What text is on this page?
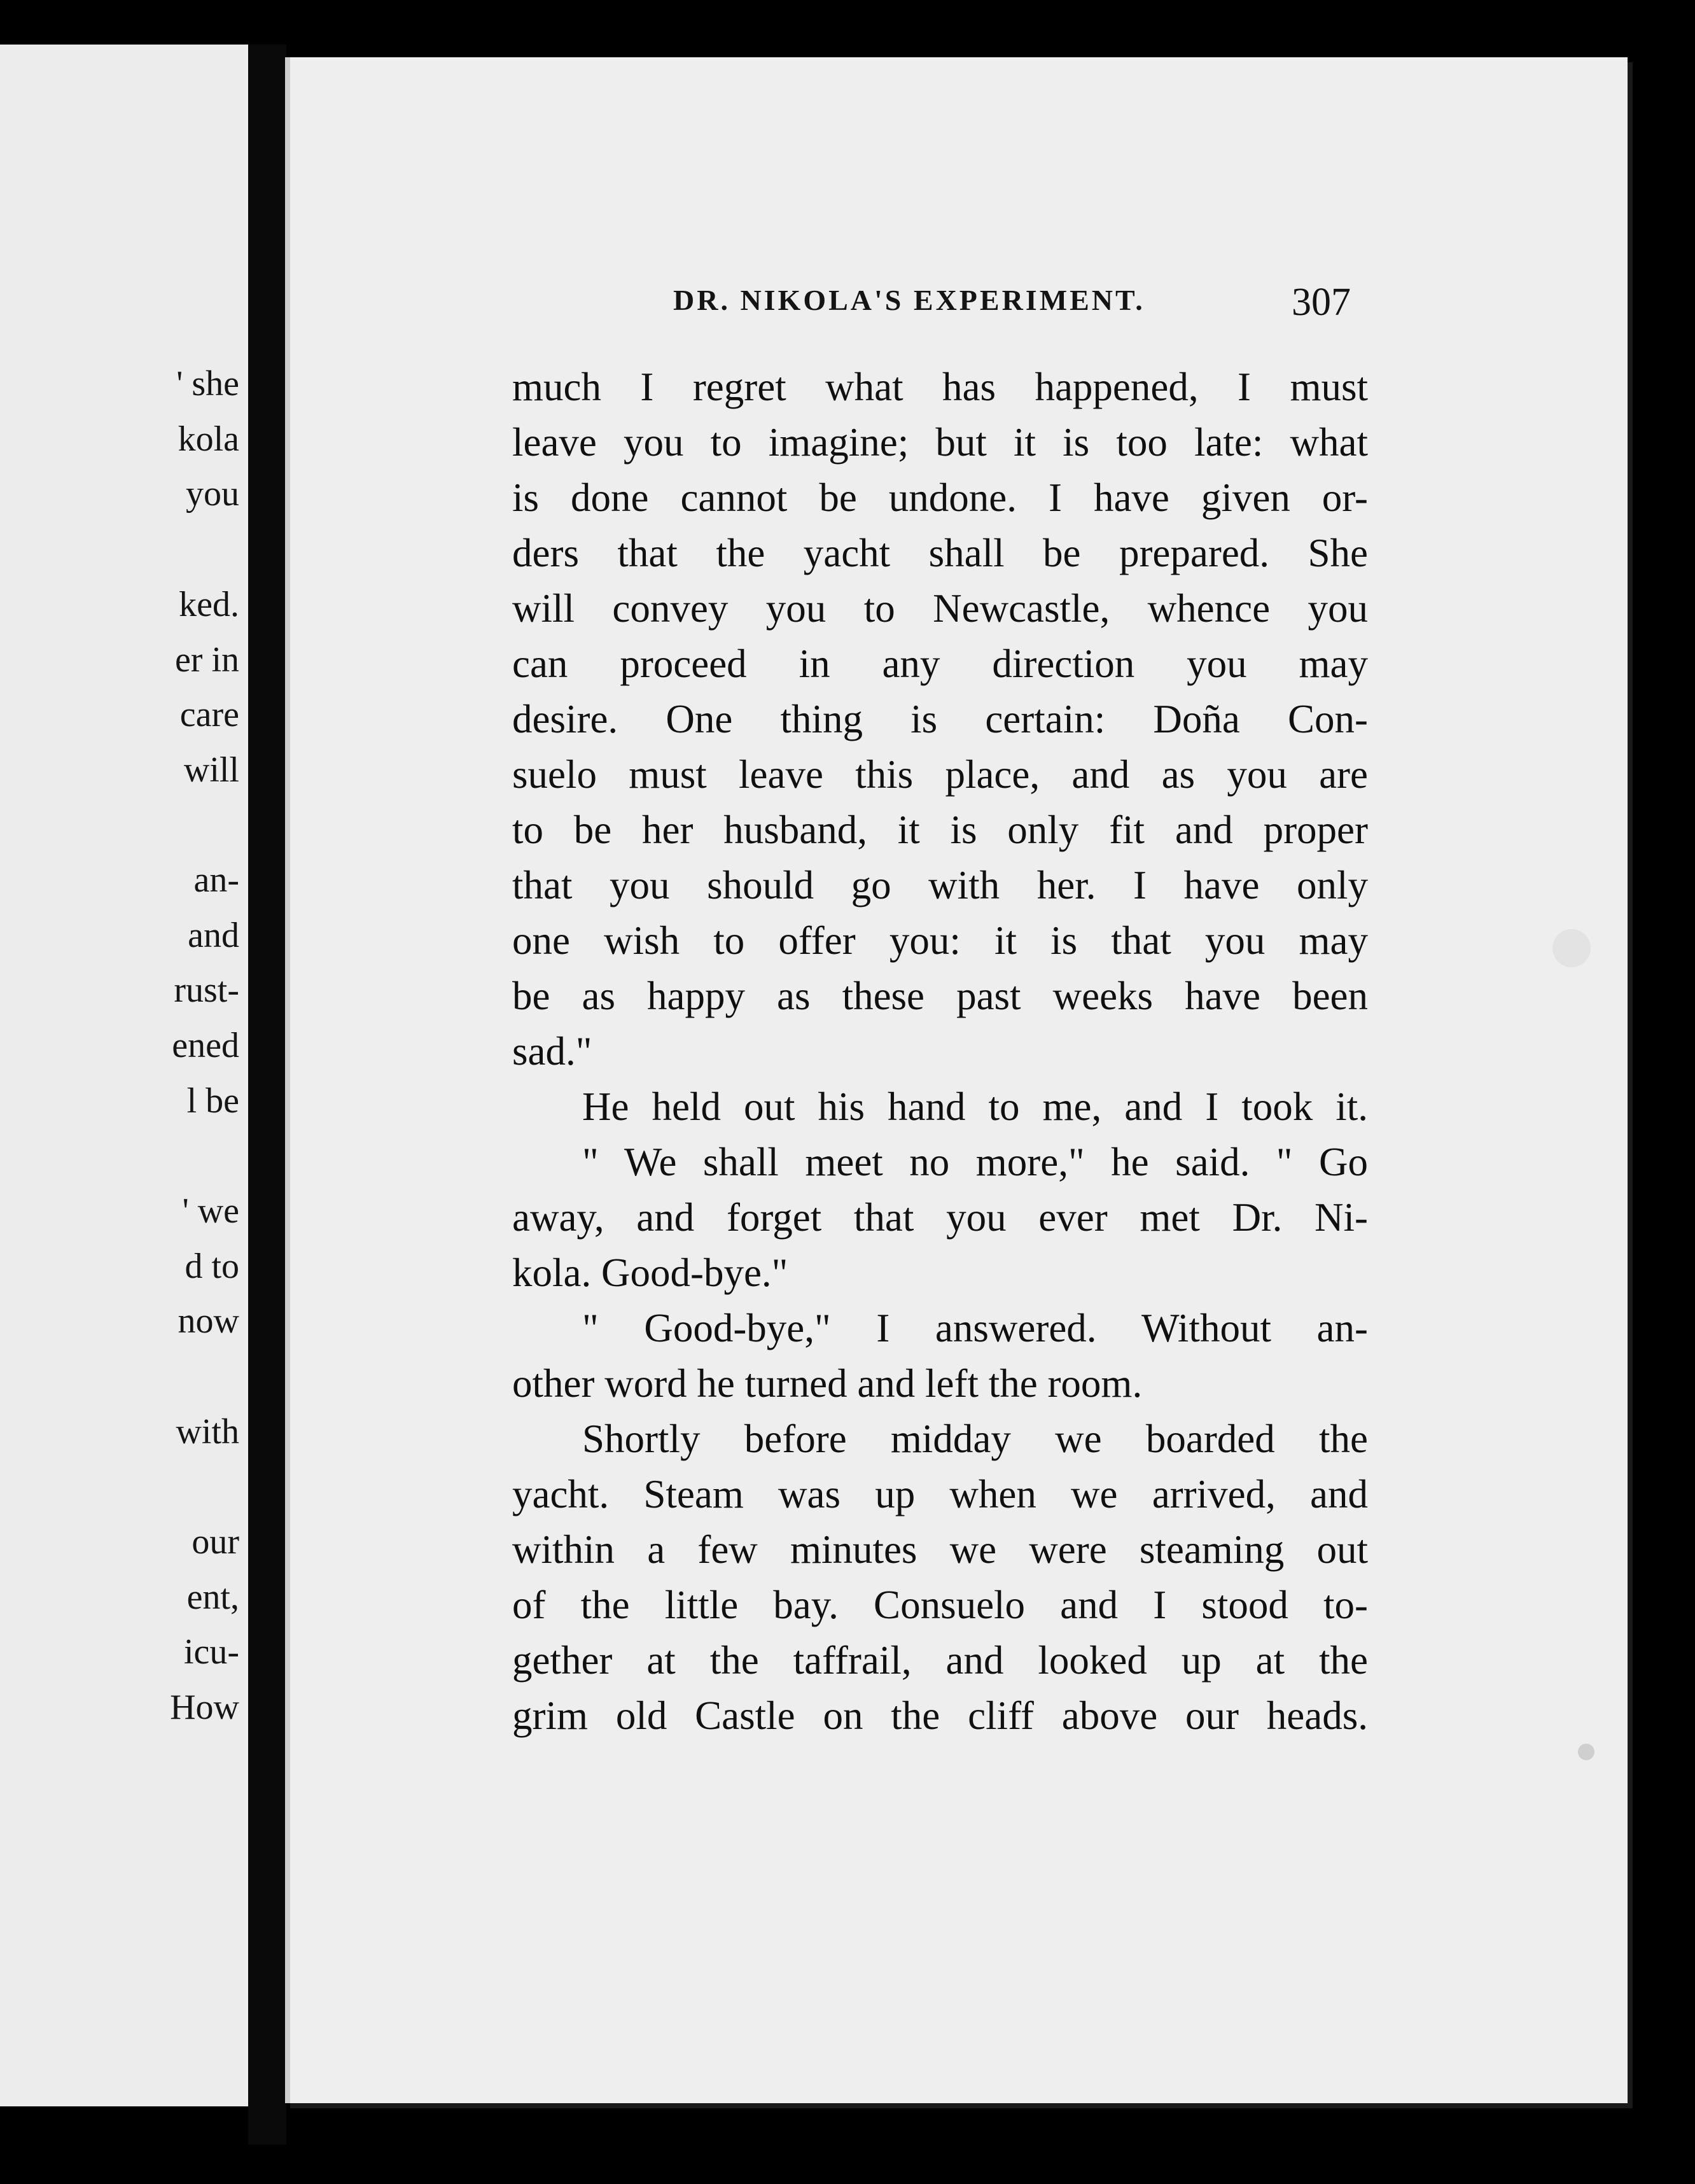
' she
kola
you
ked.
er in
care
will
an-
and
rust-
ened
l be
' we
d to
now
with
our
ent,
icu-
How
DR. NIKOLA'S EXPERIMENT.	307
much I regret what has happened, I must
leave you to imagine; but it is too late: what
is done cannot be undone. I have given or-
ders that the yacht shall be prepared. She
will convey you to Newcastle, whence you
can proceed in any direction you may
desire. One thing is certain: Doña Con-
suelo must leave this place, and as you are
to be her husband, it is only fit and proper
that you should go with her. I have only
one wish to offer you: it is that you may
be as happy as these past weeks have been
sad."
He held out his hand to me, and I took it.
" We shall meet no more," he said. " Go
away, and forget that you ever met Dr. Ni-
kola. Good-bye."
" Good-bye," I answered. Without an-
other word he turned and left the room.
Shortly before midday we boarded the
yacht. Steam was up when we arrived, and
within a few minutes we were steaming out
of the little bay. Consuelo and I stood to-
gether at the taffrail, and looked up at the
grim old Castle on the cliff above our heads.
